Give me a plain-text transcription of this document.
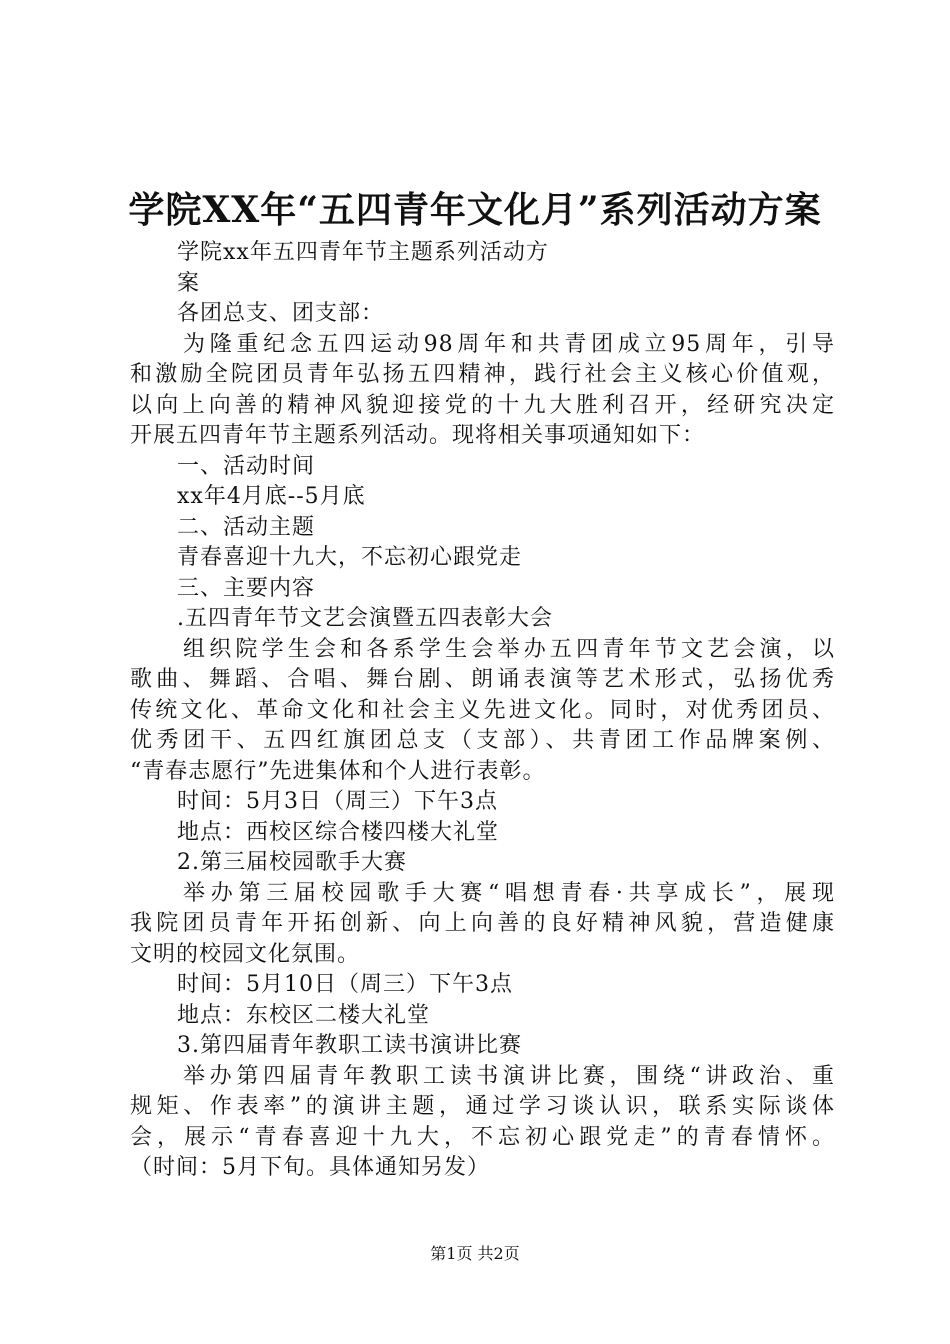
学院XX年“五四青年文化月”系列活动方案
学院xx年五四青年节主题系列活动方
案
各团总支、团支部：
为隆重纪念五四运动98周年和共青团成立95周年，引导
和激励全院团员青年弘扬五四精神，践行社会主义核心价值观，
以向上向善的精神风貌迎接党的十九大胜利召开，经研究决定
开展五四青年节主题系列活动。现将相关事项通知如下：
一、活动时间
xx年4月底--5月底
二、活动主题
青春喜迎十九大，不忘初心跟党走
三、主要内容
.五四青年节文艺会演暨五四表彰大会
组织院学生会和各系学生会举办五四青年节文艺会演，以
歌曲、舞蹈、合唱、舞台剧、朗诵表演等艺术形式，弘扬优秀
传统文化、革命文化和社会主义先进文化。同时，对优秀团员、
优秀团干、五四红旗团总支（支部）、共青团工作品牌案例、
“青春志愿行”先进集体和个人进行表彰。
时间：5月3日（周三）下午3点
地点：西校区综合楼四楼大礼堂
2.第三届校园歌手大赛
举办第三届校园歌手大赛“唱想青春·共享成长”，展现
我院团员青年开拓创新、向上向善的良好精神风貌，营造健康
文明的校园文化氛围。
时间：5月10日（周三）下午3点
地点：东校区二楼大礼堂
3.第四届青年教职工读书演讲比赛
举办第四届青年教职工读书演讲比赛，围绕“讲政治、重
规矩、作表率”的演讲主题，通过学习谈认识，联系实际谈体
会，展示“青春喜迎十九大，不忘初心跟党走”的青春情怀。
（时间：5月下旬。具体通知另发）
第1页 共2页
